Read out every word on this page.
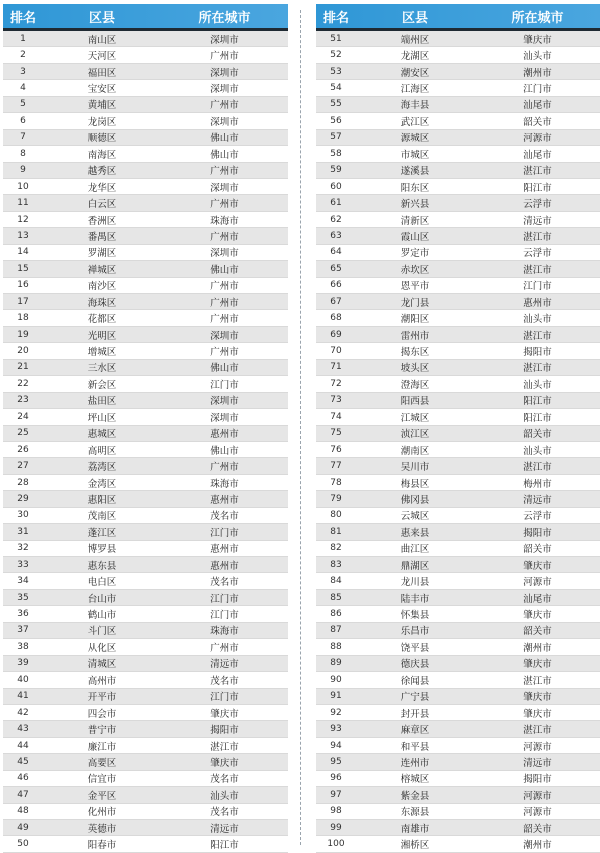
排名	区县	所在城市
1	南山区	深圳市
2	天河区	广州市
3	福田区	深圳市
4	宝安区	深圳市
5	黄埔区	广州市
6	龙岗区	深圳市
7	顺德区	佛山市
8	南海区	佛山市
9	越秀区	广州市
10	龙华区	深圳市
11	白云区	广州市
12	香洲区	珠海市
13	番禺区	广州市
14	罗湖区	深圳市
15	禅城区	佛山市
16	南沙区	广州市
17	海珠区	广州市
18	花都区	广州市
19	光明区	深圳市
20	增城区	广州市
21	三水区	佛山市
22	新会区	江门市
23	盐田区	深圳市
24	坪山区	深圳市
25	惠城区	惠州市
26	高明区	佛山市
27	荔湾区	广州市
28	金湾区	珠海市
29	惠阳区	惠州市
30	茂南区	茂名市
31	蓬江区	江门市
32	博罗县	惠州市
33	惠东县	惠州市
34	电白区	茂名市
35	台山市	江门市
36	鹤山市	江门市
37	斗门区	珠海市
38	从化区	广州市
39	清城区	清远市
40	高州市	茂名市
41	开平市	江门市
42	四会市	肇庆市
43	普宁市	揭阳市
44	廉江市	湛江市
45	高要区	肇庆市
46	信宜市	茂名市
47	金平区	汕头市
48	化州市	茂名市
49	英德市	清远市
50	阳春市	阳江市
排名	区县	所在城市
51	端州区	肇庆市
52	龙湖区	汕头市
53	潮安区	潮州市
54	江海区	江门市
55	海丰县	汕尾市
56	武江区	韶关市
57	源城区	河源市
58	市城区	汕尾市
59	遂溪县	湛江市
60	阳东区	阳江市
61	新兴县	云浮市
62	清新区	清远市
63	霞山区	湛江市
64	罗定市	云浮市
65	赤坎区	湛江市
66	恩平市	江门市
67	龙门县	惠州市
68	潮阳区	汕头市
69	雷州市	湛江市
70	揭东区	揭阳市
71	坡头区	湛江市
72	澄海区	汕头市
73	阳西县	阳江市
74	江城区	阳江市
75	浈江区	韶关市
76	潮南区	汕头市
77	吴川市	湛江市
78	梅县区	梅州市
79	佛冈县	清远市
80	云城区	云浮市
81	惠来县	揭阳市
82	曲江区	韶关市
83	鼎湖区	肇庆市
84	龙川县	河源市
85	陆丰市	汕尾市
86	怀集县	肇庆市
87	乐昌市	韶关市
88	饶平县	潮州市
89	德庆县	肇庆市
90	徐闻县	湛江市
91	广宁县	肇庆市
92	封开县	肇庆市
93	麻章区	湛江市
94	和平县	河源市
95	连州市	清远市
96	榕城区	揭阳市
97	紫金县	河源市
98	东源县	河源市
99	南雄市	韶关市
100	湘桥区	潮州市
